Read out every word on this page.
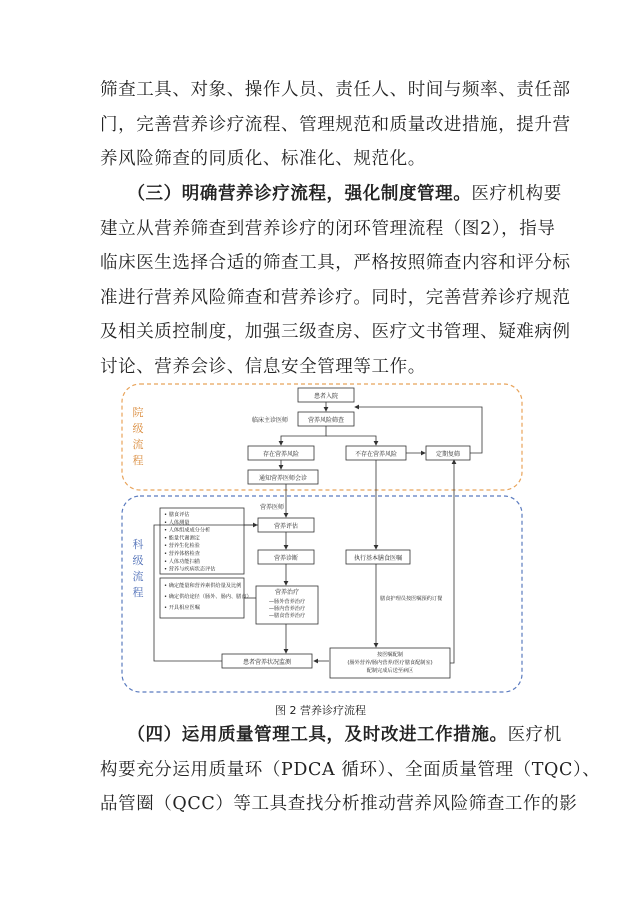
筛查工具、对象、操作人员、责任人、时间与频率、责任部
门，完善营养诊疗流程、管理规范和质量改进措施，提升营
养风险筛查的同质化、标准化、规范化。
　　（三）明确营养诊疗流程，强化制度管理。医疗机构要
建立从营养筛查到营养诊疗的闭环管理流程（图2），指导
临床医生选择合适的筛查工具，严格按照筛查内容和评分标
准进行营养风险筛查和营养诊疗。同时，完善营养诊疗规范
及相关质控制度，加强三级查房、医疗文书管理、疑难病例
讨论、营养会诊、信息安全管理等工作。
院
级
流
程
科
级
流
程
患者入院
临床主诊医师	营养风险筛查
存在营养风险	不存在营养风险	定期复筛
通知营养医师会诊
营养医师
营养评估
营养诊断	执行基本膳食医嘱
营养治疗
患者营养状况监测
• 膳食评估
• 人体测量
• 人体组成成分分析
• 能量代谢测定
• 营养生化检验
• 营养体格检查
• 人体功能扫描
• 营养与疾病状态评估
—肠外营养治疗
—肠内营养治疗
—膳食营养治疗
• 确定能量和营养素供给量及比例
• 确定供给途径（肠外、肠内、膳食）
• 开具相应医嘱
膳食护理员按医嘱预约订餐
按医嘱配制
(肠外营养/肠内营养/医疗膳食配制室)
配制完成后送至病区
图 2 营养诊疗流程
　　（四）运用质量管理工具，及时改进工作措施。医疗机
构要充分运用质量环（PDCA 循环）、全面质量管理（TQC）、
品管圈（QCC）等工具查找分析推动营养风险筛查工作的影
